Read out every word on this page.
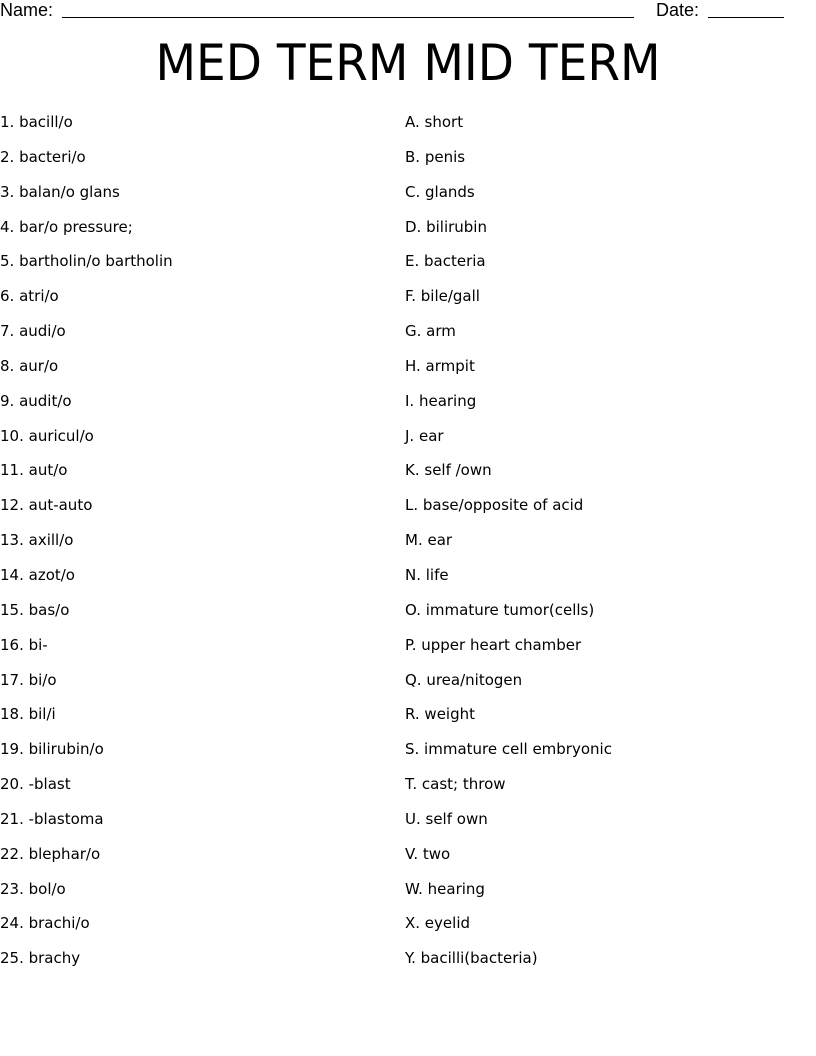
Name:	Date:
MED TERM MID TERM
1. bacill/o
2. bacteri/o
3. balan/o glans
4. bar/o pressure;
5. bartholin/o bartholin
6. atri/o
7. audi/o
8. aur/o
9. audit/o
10. auricul/o
11. aut/o
12. aut-auto
13. axill/o
14. azot/o
15. bas/o
16. bi-
17. bi/o
18. bil/i
19. bilirubin/o
20. -blast
21. -blastoma
22. blephar/o
23. bol/o
24. brachi/o
25. brachy
A. short
B. penis
C. glands
D. bilirubin
E. bacteria
F. bile/gall
G. arm
H. armpit
I. hearing
J. ear
K. self /own
L. base/opposite of acid
M. ear
N. life
O. immature tumor(cells)
P. upper heart chamber
Q. urea/nitogen
R. weight
S. immature cell embryonic
T. cast; throw
U. self own
V. two
W. hearing
X. eyelid
Y. bacilli(bacteria)
